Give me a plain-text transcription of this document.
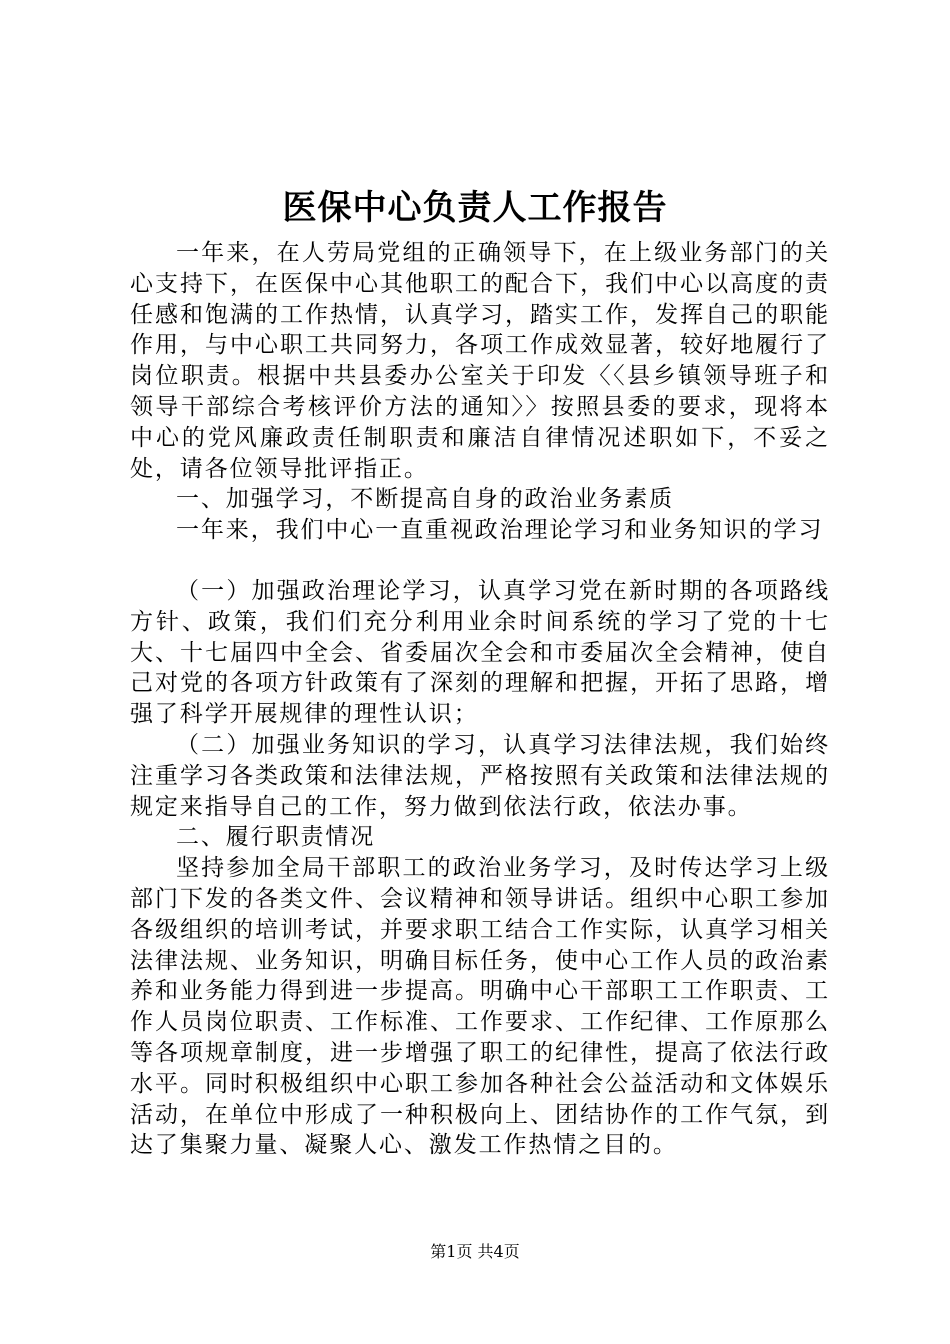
医保中心负责人工作报告

一年来，在人劳局党组的正确领导下，在上级业务部门的关心支持下，在医保中心其他职工的配合下，我们中心以高度的责任感和饱满的工作热情，认真学习，踏实工作，发挥自己的职能作用，与中心职工共同努力，各项工作成效显著，较好地履行了岗位职责。根据中共县委办公室关于印发〈〈县乡镇领导班子和领导干部综合考核评价方法的通知〉〉按照县委的要求，现将本中心的党风廉政责任制职责和廉洁自律情况述职如下，不妥之处，请各位领导批评指正。

一、加强学习，不断提高自身的政治业务素质

一年来，我们中心一直重视政治理论学习和业务知识的学习

（一）加强政治理论学习，认真学习党在新时期的各项路线方针、政策，我们们充分利用业余时间系统的学习了党的十七大、十七届四中全会、省委届次全会和市委届次全会精神，使自己对党的各项方针政策有了深刻的理解和把握，开拓了思路，增强了科学开展规律的理性认识；

（二）加强业务知识的学习，认真学习法律法规，我们始终注重学习各类政策和法律法规，严格按照有关政策和法律法规的规定来指导自己的工作，努力做到依法行政，依法办事。

二、履行职责情况

坚持参加全局干部职工的政治业务学习，及时传达学习上级部门下发的各类文件、会议精神和领导讲话。组织中心职工参加各级组织的培训考试，并要求职工结合工作实际，认真学习相关法律法规、业务知识，明确目标任务，使中心工作人员的政治素养和业务能力得到进一步提高。明确中心干部职工工作职责、工作人员岗位职责、工作标准、工作要求、工作纪律、工作原那么等各项规章制度，进一步增强了职工的纪律性，提高了依法行政水平。同时积极组织中心职工参加各种社会公益活动和文体娱乐活动，在单位中形成了一种积极向上、团结协作的工作气氛，到达了集聚力量、凝聚人心、激发工作热情之目的。

第1页 共4页
